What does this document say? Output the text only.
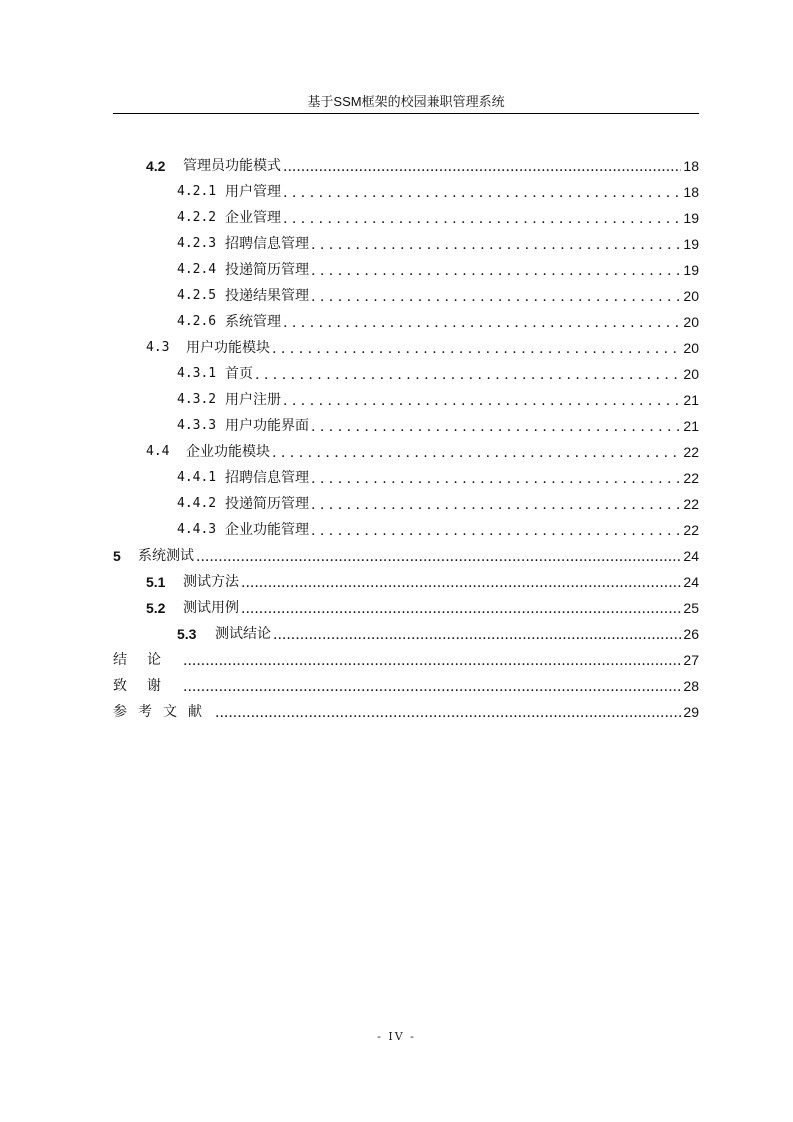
基于SSM框架的校园兼职管理系统
4.2	管理员功能模式 .....	18
4.2.1 用户管理 . . .	18
4.2.2 企业管理 . . .	19
4.2.3 招聘信息管理 . . .	19
4.2.4 投递简历管理 . . .	19
4.2.5 投递结果管理 . . .	20
4.2.6 系统管理 . . .	20
4.3	用户功能模块 . . .	20
4.3.1 首页 . . .	20
4.3.2 用户注册 . . .	21
4.3.3 用户功能界面 . . .	21
4.4	企业功能模块 . . .	22
4.4.1 招聘信息管理 . . .	22
4.4.2 投递简历管理 . . .	22
4.4.3 企业功能管理 . . .	22
5	系统测试 .....	24
5.1	测试方法 .....	24
5.2	测试用例 .....	25
5.3	测试结论 .....	26
结论 .....	27
致谢 .....	28
参考文献 .....	29
- IV -
